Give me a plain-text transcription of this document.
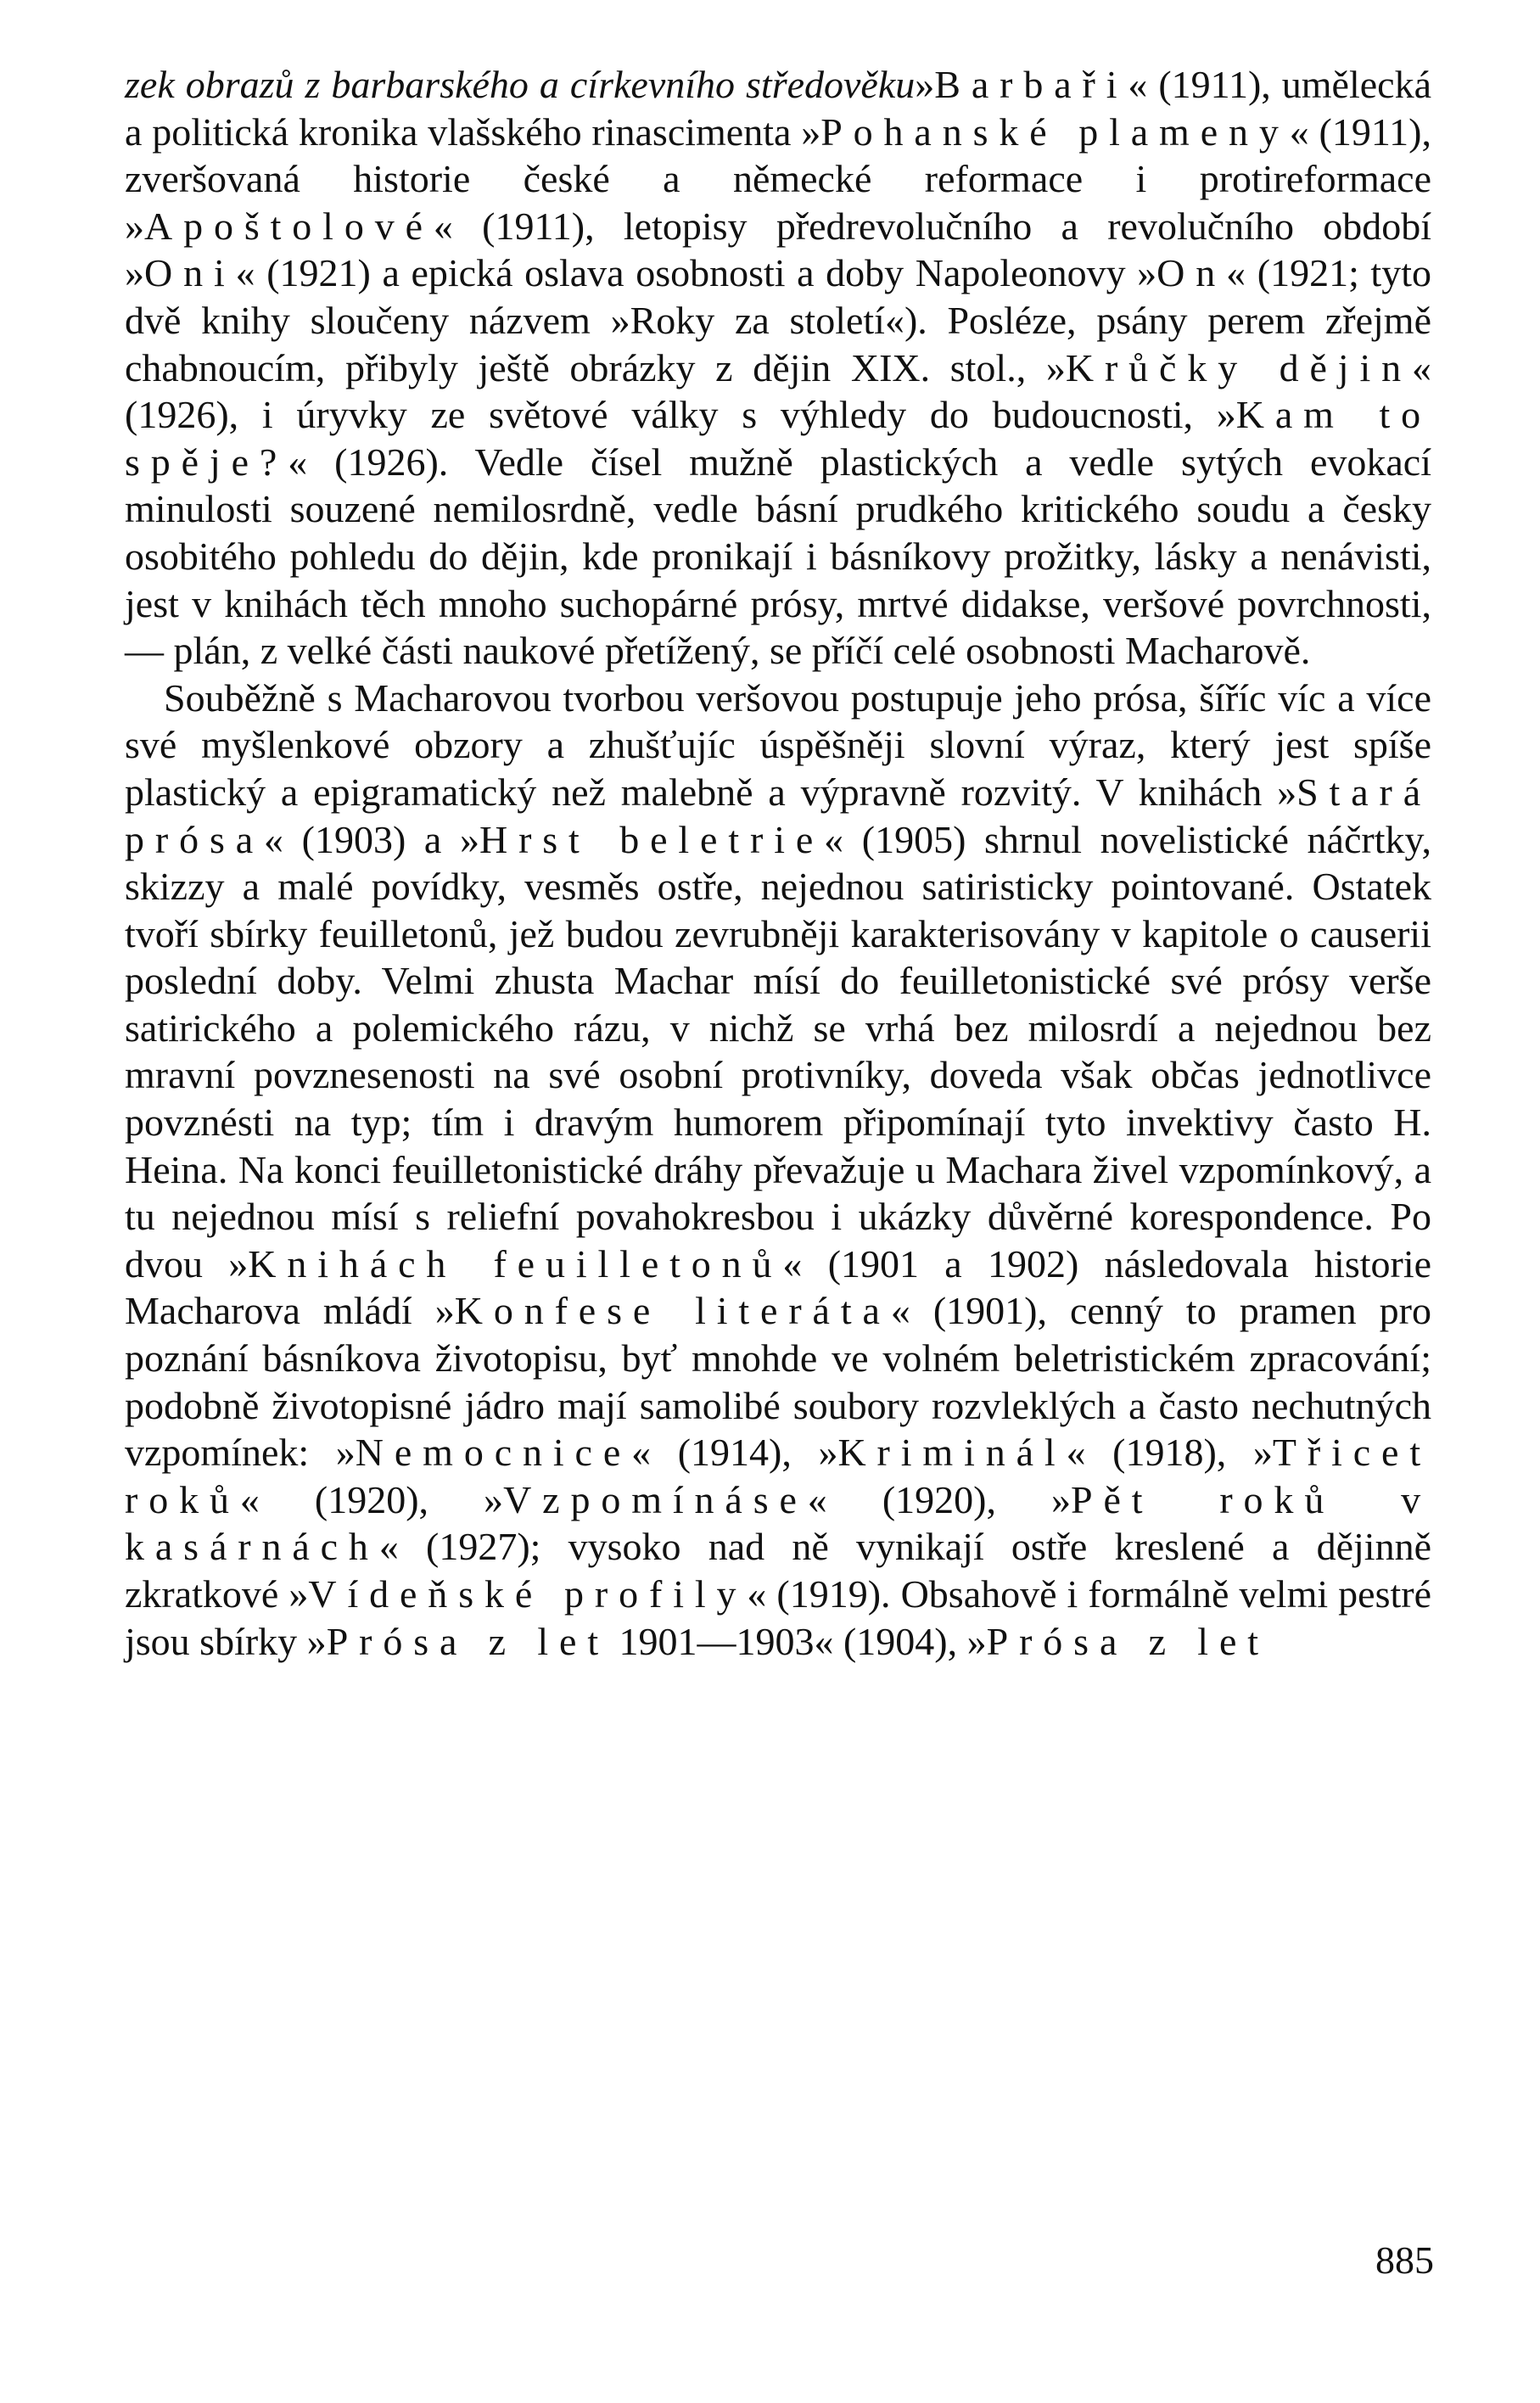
zek obrazů z barbarského a církevního středověku»Barbaři« (1911), umělecká a politická kronika vlašského rinascimenta »Pohanské plameny« (1911), zveršovaná historie české a německé reformace i protireformace »Apoštolové« (1911), letopisy předrevolučního a revolučního období »Oni« (1921) a epická oslava osobnosti a doby Napoleonovy »On« (1921; tyto dvě knihy sloučeny názvem »Roky za století«). Posléze, psány perem zřejmě chabnoucím, přibyly ještě obrázky z dějin XIX. stol., »Krůčky dějin« (1926), i úryvky ze světové války s výhledy do budoucnosti, »Kam to spěje?« (1926). Vedle čísel mužně plastických a vedle sytých evokací minulosti souzené nemilosrdně, vedle básní prudkého kritického soudu a česky osobitého pohledu do dějin, kde pronikají i básníkovy prožitky, lásky a nenávisti, jest v knihách těch mnoho suchopárné prósy, mrtvé didakse, veršové povrchnosti, — plán, z velké části naukové přetížený, se příčí celé osobnosti Macharově.

Souběžně s Macharovou tvorbou veršovou postupuje jeho prósa, šíříc víc a více své myšlenkové obzory a zhušťujíc úspěšněji slovní výraz, který jest spíše plastický a epigramatický než malebně a výpravně rozvitý. V knihách »Stará prósa« (1903) a »Hrst beletrie« (1905) shrnul novelistické náčrtky, skizzy a malé povídky, vesměs ostře, nejednou satiristicky pointované. Ostatek tvoří sbírky feuilletonů, jež budou zevrubněji karakterisovány v kapitole o causerii poslední doby. Velmi zhusta Machar mísí do feuilletonistické své prósy verše satirického a polemického rázu, v nichž se vrhá bez milosrdí a nejednou bez mravní povznesenosti na své osobní protivníky, doveda však občas jednotlivce povznésti na typ; tím i dravým humorem připomínají tyto invektivy často H. Heina. Na konci feuilletonistické dráhy převažuje u Machara živel vzpomínkový, a tu nejednou mísí s reliefní povahokresbou i ukázky důvěrné korespondence. Po dvou »Knihách feuilletonů« (1901 a 1902) následovala historie Macharova mládí »Konfese literáta« (1901), cenný to pramen pro poznání básníkova životopisu, byť mnohde ve volném beletristickém zpracování; podobně životopisné jádro mají samolibé soubory rozvleklých a často nechutných vzpomínek: »Nemocnice« (1914), »Kriminál« (1918), »Třicet roků« (1920), »Vzpomínáse« (1920), »Pět roků v kasárnách« (1927); vysoko nad ně vynikají ostře kreslené a dějinně zkratkové »Vídeňské profily« (1919). Obsahově i formálně velmi pestré jsou sbírky »Prósa z let 1901—1903« (1904), »Prósa z let

885
